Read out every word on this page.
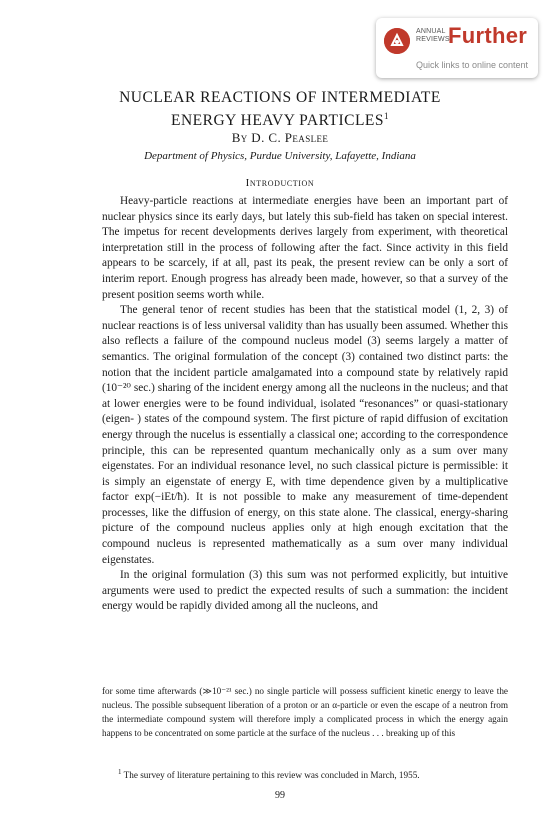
ANNUAL
REVIEWS
Further
Quick links to online content
NUCLEAR REACTIONS OF INTERMEDIATE
ENERGY HEAVY PARTICLES$^1$
By D. C. Peaslee
Department of Physics, Purdue University, Lafayette, Indiana
Introduction

Heavy-particle reactions at intermediate energies have been an important part of nuclear physics since its early days, but lately this sub-field has taken on special interest. The impetus for recent developments derives largely from experiment, with theoretical interpretation still in the process of following after the fact. Since activity in this field appears to be scarcely, if at all, past its peak, the present review can be only a sort of interim report. Enough progress has already been made, however, so that a survey of the present position seems worth while.

The general tenor of recent studies has been that the statistical model (1, 2, 3) of nuclear reactions is of less universal validity than has usually been assumed. Whether this also reflects a failure of the compound nucleus model (3) seems largely a matter of semantics. The original formulation of the concept (3) contained two distinct parts: the notion that the incident particle amalgamated into a compound state by relatively rapid (10⁻²⁰ sec.) sharing of the incident energy among all the nucleons in the nucleus; and that at lower energies were to be found individual, isolated “resonances” or quasi-stationary (eigen- ) states of the compound system. The first picture of rapid diffusion of excitation energy through the nucelus is essentially a classical one; according to the correspondence principle, this can be represented quantum mechanically only as a sum over many eigenstates. For an individual resonance level, no such classical picture is permissible: it is simply an eigenstate of energy E, with time dependence given by a multiplicative factor exp(−iEt/ħ). It is not possible to make any measurement of time-dependent processes, like the diffusion of energy, on this state alone. The classical, energy-sharing picture of the compound nucleus applies only at high enough excitation that the compound nucleus is represented mathematically as a sum over many individual eigenstates.

In the original formulation (3) this sum was not performed explicitly, but intuitive arguments were used to predict the expected results of such a summation: the incident energy would be rapidly divided among all the nucleons, and

for some time afterwards (≫10⁻²¹ sec.) no single particle will possess sufficient kinetic energy to leave the nucleus. The possible subsequent liberation of a proton or an α-particle or even the escape of a neutron from the intermediate compound system will therefore imply a complicated process in which the energy again happens to be concentrated on some particle at the surface of the nucleus . . . breaking up of this
$^1$ The survey of literature pertaining to this review was concluded in March, 1955.
99
